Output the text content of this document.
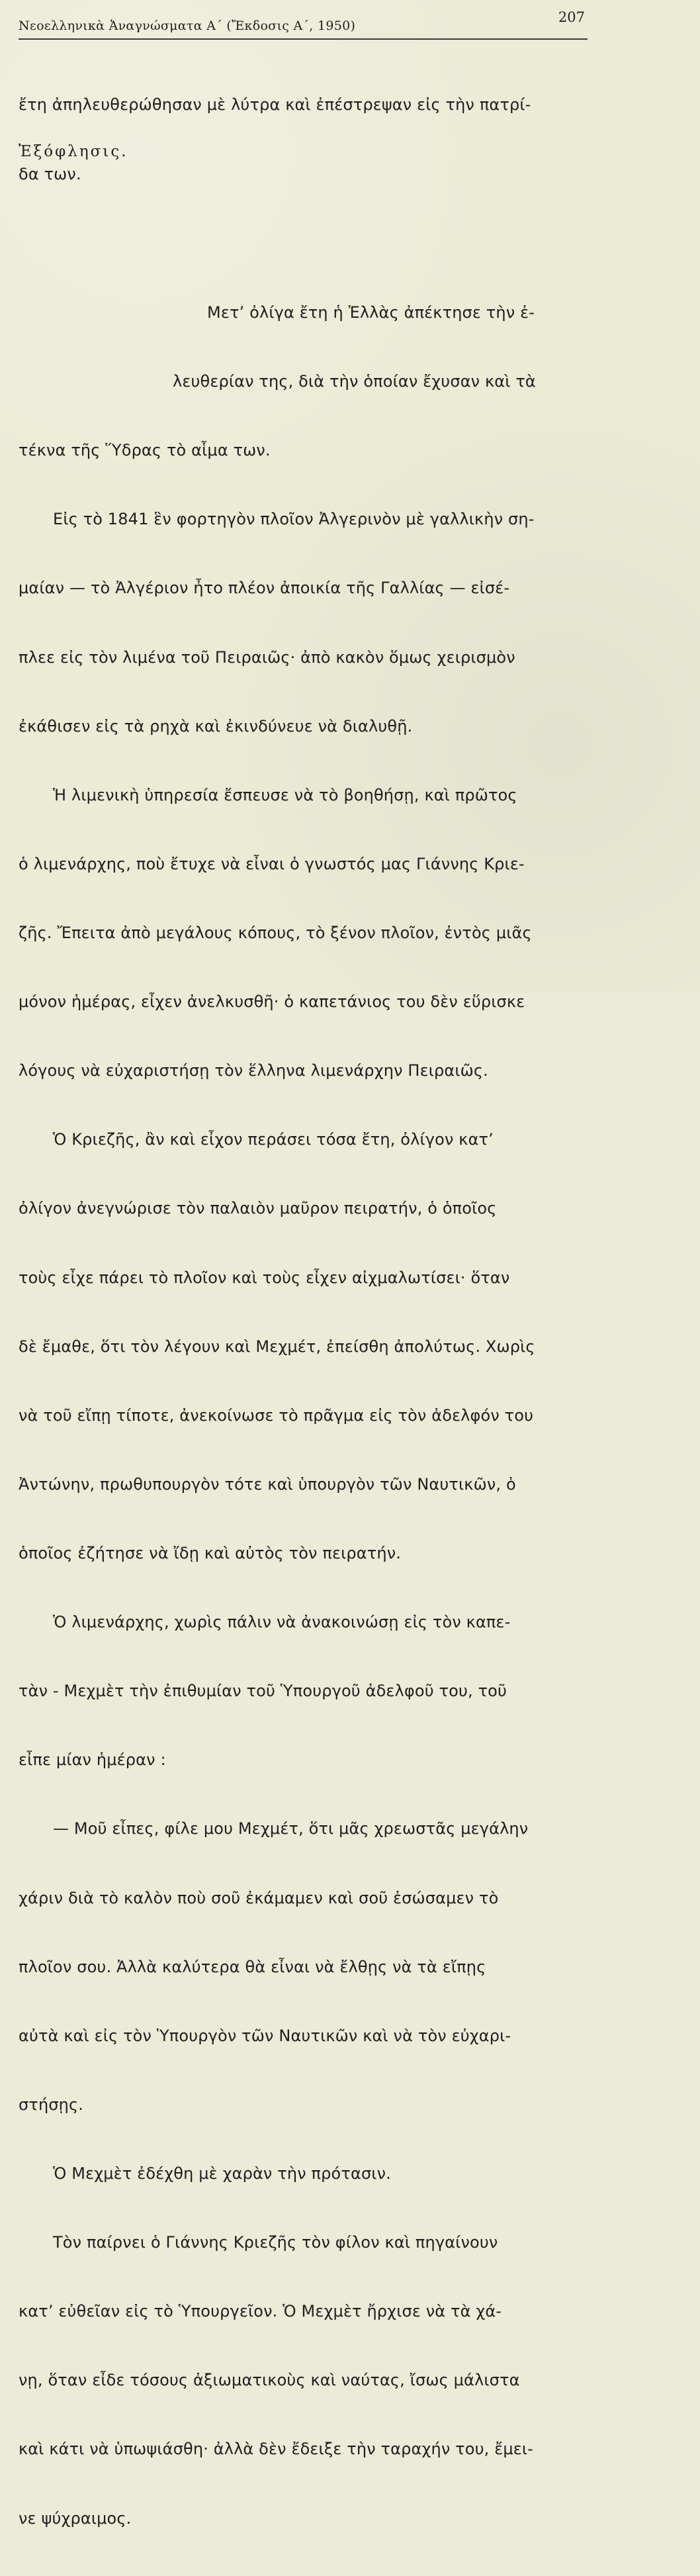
Νεοελληνικὰ Ἀναγνώσματα Α΄ (Ἔκδοσις Α΄, 1950)
207
Ἐξόφλησις.

ἔτη ἀπηλευθερώθησαν μὲ λύτρα καὶ ἐπέστρεψαν εἰς τὴν πατρί-

δα των.

Μετ’ ὀλίγα ἔτη ἡ Ἑλλὰς ἀπέκτησε τὴν ἐ-

λευθερίαν της, διὰ τὴν ὁποίαν ἔχυσαν καὶ τὰ

τέκνα τῆς Ὕδρας τὸ αἷμα των.

Εἰς τὸ 1841 ἓν φορτηγὸν πλοῖον Ἀλγερινὸν μὲ γαλλικὴν ση-

μαίαν — τὸ Ἀλγέριον ἦτο πλέον ἀποικία τῆς Γαλλίας — εἰσέ-

πλεε εἰς τὸν λιμένα τοῦ Πειραιῶς· ἀπὸ κακὸν ὅμως χειρισμὸν

ἐκάθισεν εἰς τὰ ρηχὰ καὶ ἐκινδύνευε νὰ διαλυθῇ.

Ἡ λιμενικὴ ὑπηρεσία ἔσπευσε νὰ τὸ βοηθήσῃ, καὶ πρῶτος

ὁ λιμενάρχης, ποὺ ἔτυχε νὰ εἶναι ὁ γνωστός μας Γιάννης Κριε-

ζῆς. Ἔπειτα ἀπὸ μεγάλους κόπους, τὸ ξένον πλοῖον, ἐντὸς μιᾶς

μόνον ἡμέρας, εἶχεν ἀνελκυσθῆ· ὁ καπετάνιος του δὲν εὕρισκε

λόγους νὰ εὐχαριστήσῃ τὸν ἕλληνα λιμενάρχην Πειραιῶς.

Ὁ Κριεζῆς, ἂν καὶ εἶχον περάσει τόσα ἔτη, ὀλίγον κατ’

ὀλίγον ἀνεγνώρισε τὸν παλαιὸν μαῦρον πειρατήν, ὁ ὁποῖος

τοὺς εἶχε πάρει τὸ πλοῖον καὶ τοὺς εἶχεν αἰχμαλωτίσει· ὅταν

δὲ ἔμαθε, ὅτι τὸν λέγουν καὶ Μεχμέτ, ἐπείσθη ἀπολύτως. Χωρὶς

νὰ τοῦ εἴπῃ τίποτε, ἀνεκοίνωσε τὸ πρᾶγμα εἰς τὸν ἀδελφόν του

Ἀντώνην, πρωθυπουργὸν τότε καὶ ὑπουργὸν τῶν Ναυτικῶν, ὁ

ὁποῖος ἐζήτησε νὰ ἴδῃ καὶ αὐτὸς τὸν πειρατήν.

Ὁ λιμενάρχης, χωρὶς πάλιν νὰ ἀνακοινώσῃ εἰς τὸν καπε-

τὰν - Μεχμὲτ τὴν ἐπιθυμίαν τοῦ Ὑπουργοῦ ἀδελφοῦ του, τοῦ

εἶπε μίαν ἡμέραν :

— Μοῦ εἶπες, φίλε μου Μεχμέτ, ὅτι μᾶς χρεωστᾶς μεγάλην

χάριν διὰ τὸ καλὸν ποὺ σοῦ ἐκάμαμεν καὶ σοῦ ἐσώσαμεν τὸ

πλοῖον σου. Ἀλλὰ καλύτερα θὰ εἶναι νὰ ἔλθῃς νὰ τὰ εἴπῃς

αὐτὰ καὶ εἰς τὸν Ὑπουργὸν τῶν Ναυτικῶν καὶ νὰ τὸν εὐχαρι-

στήσῃς.

Ὁ Μεχμὲτ ἐδέχθη μὲ χαρὰν τὴν πρότασιν.

Τὸν παίρνει ὁ Γιάννης Κριεζῆς τὸν φίλον καὶ πηγαίνουν

κατ’ εὐθεῖαν εἰς τὸ Ὑπουργεῖον. Ὁ Μεχμὲτ ἤρχισε νὰ τὰ χά-

νῃ, ὅταν εἶδε τόσους ἀξιωματικοὺς καὶ ναύτας, ἴσως μάλιστα

καὶ κάτι νὰ ὑπωψιάσθη· ἀλλὰ δὲν ἔδειξε τὴν ταραχήν του, ἔμει-

νε ψύχραιμος.
